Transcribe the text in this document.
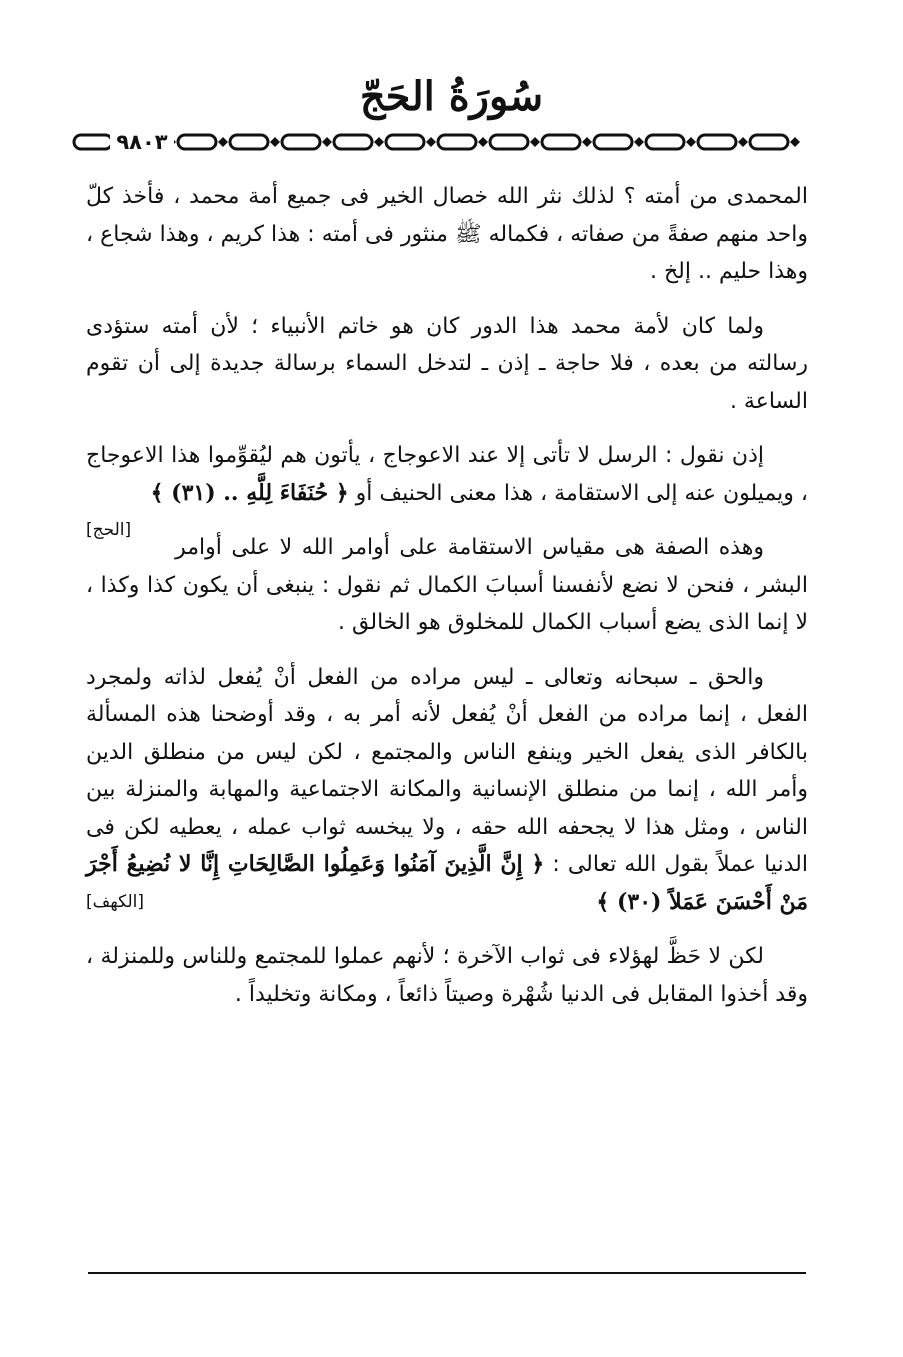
سُورَةُ الحَجّ
٩٨٠٣

المحمدى من أمته ؟ لذلك نثر الله خصال الخير فى جميع أمة محمد ، فأخذ كلّ واحد منهم صفةً من صفاته ، فكماله ﷺ منثور فى أمته : هذا كريم ، وهذا شجاع ، وهذا حليم .. إلخ .

ولما كان لأمة محمد هذا الدور كان هو خاتم الأنبياء ؛ لأن أمته ستؤدى رسالته من بعده ، فلا حاجة ـ إذن ـ لتدخل السماء برسالة جديدة إلى أن تقوم الساعة .

إذن نقول : الرسل لا تأتى إلا عند الاعوجاج ، يأتون هم ليُقوِّموا هذا الاعوجاج ، ويميلون عنه إلى الاستقامة ، هذا معنى الحنيف أو ﴿ حُنَفَاءَ لِلَّهِ .. (٣١) ﴾
[الحج]

وهذه الصفة هى مقياس الاستقامة على أوامر الله لا على أوامر البشر ، فنحن لا نضع لأنفسنا أسبابَ الكمال ثم نقول : ينبغى أن يكون كذا وكذا ، لا إنما الذى يضع أسباب الكمال للمخلوق هو الخالق .

والحق ـ سبحانه وتعالى ـ ليس مراده من الفعل أنْ يُفعل لذاته ولمجرد الفعل ، إنما مراده من الفعل أنْ يُفعل لأنه أمر به ، وقد أوضحنا هذه المسألة بالكافر الذى يفعل الخير وينفع الناس والمجتمع ، لكن ليس من منطلق الدين وأمر الله ، إنما من منطلق الإنسانية والمكانة الاجتماعية والمهابة والمنزلة بين الناس ، ومثل هذا لا يجحفه الله حقه ، ولا يبخسه ثواب عمله ، يعطيه لكن فى الدنيا عملاً بقول الله تعالى : ﴿ إِنَّ الَّذِينَ آمَنُوا وَعَمِلُوا الصَّالِحَاتِ إِنَّا لا نُضِيعُ أَجْرَ مَنْ أَحْسَنَ عَمَلاً (٣٠) ﴾
[الكهف]

لكن لا حَظَّ لهؤلاء فى ثواب الآخرة ؛ لأنهم عملوا للمجتمع وللناس وللمنزلة ، وقد أخذوا المقابل فى الدنيا شُهْرة وصيتاً ذائعاً ، ومكانة وتخليداً .
